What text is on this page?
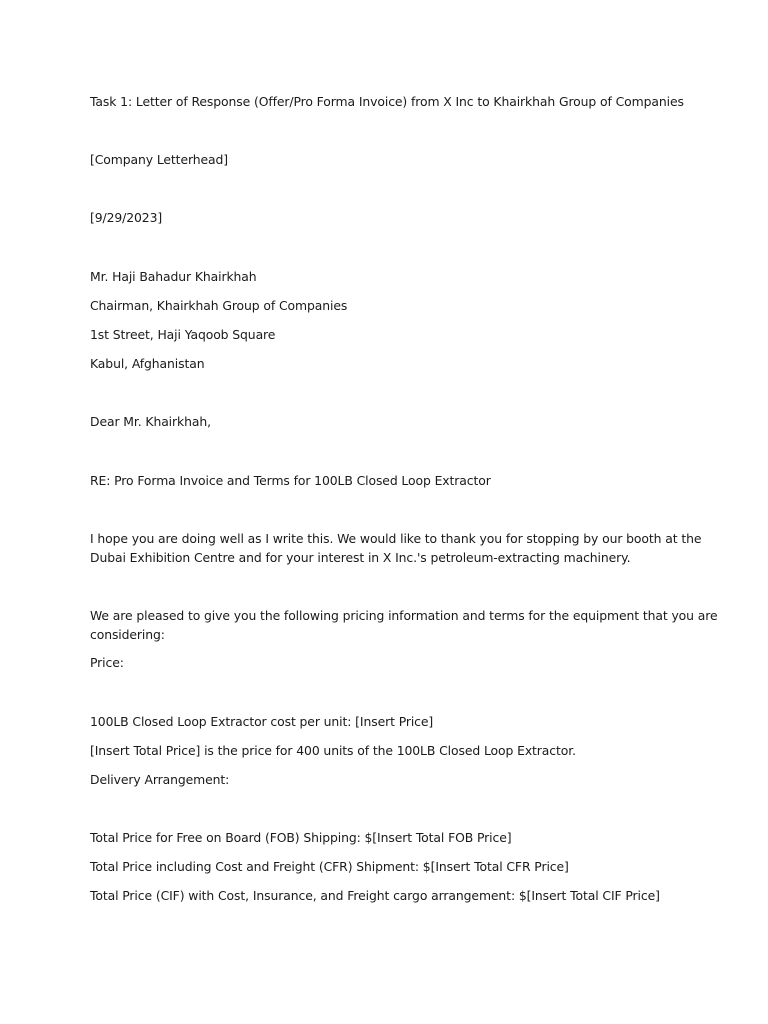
Task 1: Letter of Response (Offer/Pro Forma Invoice) from X Inc to Khairkhah Group of Companies
[Company Letterhead]
[9/29/2023]
Mr. Haji Bahadur Khairkhah
Chairman, Khairkhah Group of Companies
1st Street, Haji Yaqoob Square
Kabul, Afghanistan
Dear Mr. Khairkhah,
RE: Pro Forma Invoice and Terms for 100LB Closed Loop Extractor
I hope you are doing well as I write this. We would like to thank you for stopping by our booth at the
Dubai Exhibition Centre and for your interest in X Inc.'s petroleum-extracting machinery.
We are pleased to give you the following pricing information and terms for the equipment that you are
considering:
Price:
100LB Closed Loop Extractor cost per unit: [Insert Price]
[Insert Total Price] is the price for 400 units of the 100LB Closed Loop Extractor.
Delivery Arrangement:
Total Price for Free on Board (FOB) Shipping: $[Insert Total FOB Price]
Total Price including Cost and Freight (CFR) Shipment: $[Insert Total CFR Price]
Total Price (CIF) with Cost, Insurance, and Freight cargo arrangement: $[Insert Total CIF Price]
